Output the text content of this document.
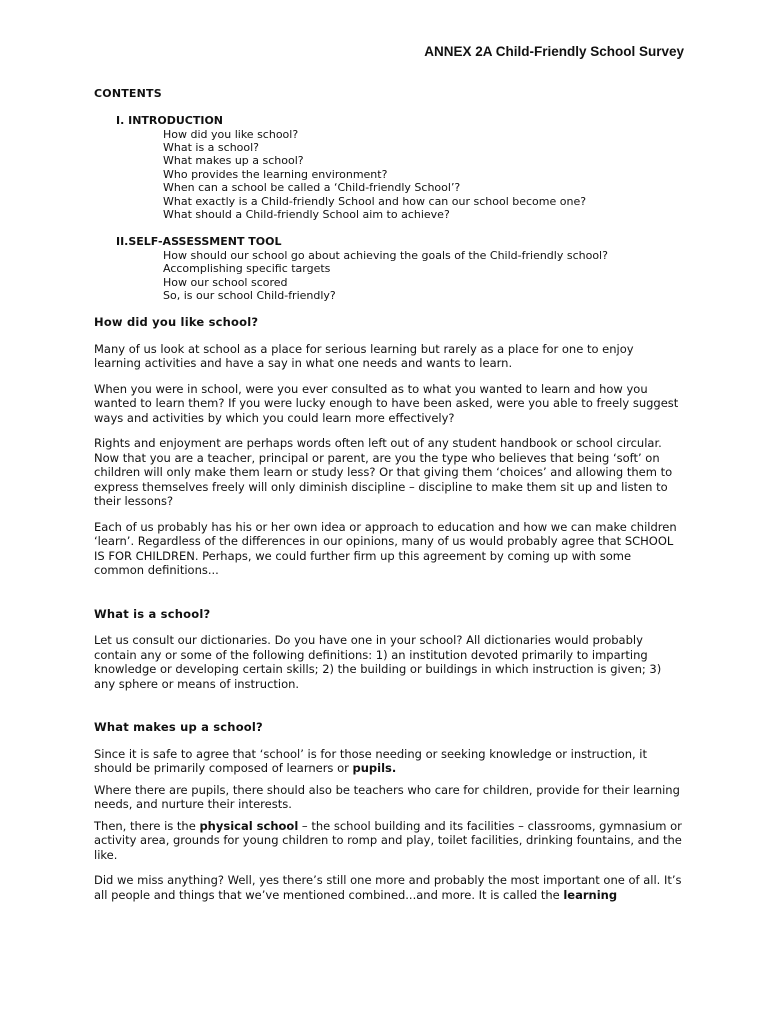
ANNEX 2A Child-Friendly School Survey
CONTENTS
I. INTRODUCTION
How did you like school?
What is a school?
What makes up a school?
Who provides the learning environment?
When can a school be called a ‘Child-friendly School’?
What exactly is a Child-friendly School and how can our school become one?
What should a Child-friendly School aim to achieve?
II.SELF-ASSESSMENT TOOL
How should our school go about achieving the goals of the Child-friendly school?
Accomplishing specific targets
How our school scored
So, is our school Child-friendly?
How did you like school?

Many of us look at school as a place for serious learning but rarely as a place for one to enjoy learning activities and have a say in what one needs and wants to learn.

When you were in school, were you ever consulted as to what you wanted to learn and how you wanted to learn them? If you were lucky enough to have been asked, were you able to freely suggest ways and activities by which you could learn more effectively?

Rights and enjoyment are perhaps words often left out of any student handbook or school circular. Now that you are a teacher, principal or parent, are you the type who believes that being ‘soft’ on children will only make them learn or study less? Or that giving them ‘choices’ and allowing them to express themselves freely will only diminish discipline – discipline to make them sit up and listen to their lessons?

Each of us probably has his or her own idea or approach to education and how we can make children ‘learn’. Regardless of the differences in our opinions, many of us would probably agree that SCHOOL IS FOR CHILDREN. Perhaps, we could further firm up this agreement by coming up with some common definitions...

What is a school?

Let us consult our dictionaries. Do you have one in your school? All dictionaries would probably contain any or some of the following definitions: 1) an institution devoted primarily to imparting knowledge or developing certain skills; 2) the building or buildings in which instruction is given; 3) any sphere or means of instruction.

What makes up a school?

Since it is safe to agree that ‘school’ is for those needing or seeking knowledge or instruction, it should be primarily composed of learners or pupils.

Where there are pupils, there should also be teachers who care for children, provide for their learning needs, and nurture their interests.

Then, there is the physical school – the school building and its facilities – classrooms, gymnasium or activity area, grounds for young children to romp and play, toilet facilities, drinking fountains, and the like.

Did we miss anything? Well, yes there’s still one more and probably the most important one of all. It’s all people and things that we’ve mentioned combined...and more. It is called the learning
